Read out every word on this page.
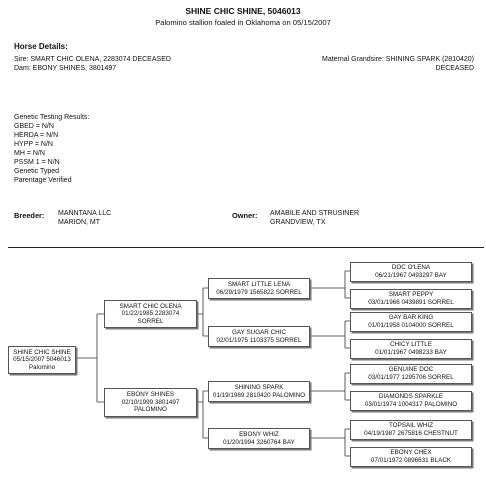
SHINE CHIC SHINE, 5046013
Palomino stallion foaled in Oklahoma on 05/15/2007
Horse Details:
Sire: SMART CHIC OLENA, 2283074 DECEASED
Dam: EBONY SHINES, 3801497
Maternal Grandsire: SHINING SPARK (2810420)
DECEASED
Genetic Testing Results:
GBED = N/N
HERDA = N/N
HYPP = N/N
MH = N/N
PSSM 1 = N/N
Genetic Typed
Parentage Verified
Breeder: MANNTANA LLC
MARION, MT
Owner: AMABILE AND STRUSINER
GRANDVIEW, TX
SHINE CHIC SHINE
05/15/2007 5046013
Palomino
SMART CHIC OLENA
01/22/1985 2283074
SORREL
EBONY SHINES
02/10/1999 3801497
PALOMINO
SMART LITTLE LENA
06/29/1979 1565822 SORREL
GAY SUGAR CHIC
02/01/1975 1103375 SORREL
SHINING SPARK
01/19/1989 2810420 PALOMINO
EBONY WHIZ
01/20/1994 3260764 BAY
DOC O'LENA
06/21/1967 0493297 BAY
SMART PEPPY
03/01/1966 0439891 SORREL
GAY BAR KING
01/01/1958 0104000 SORREL
CHICY LITTLE
01/01/1967 0498233 BAY
GENUINE DOC
03/01/1977 1295706 SORREL
DIAMONDS SPARKLE
03/01/1974 1004317 PALOMINO
TOPSAIL WHIZ
04/19/1987 2675816 CHESTNUT
EBONY CHEX
07/01/1972 0896631 BLACK
